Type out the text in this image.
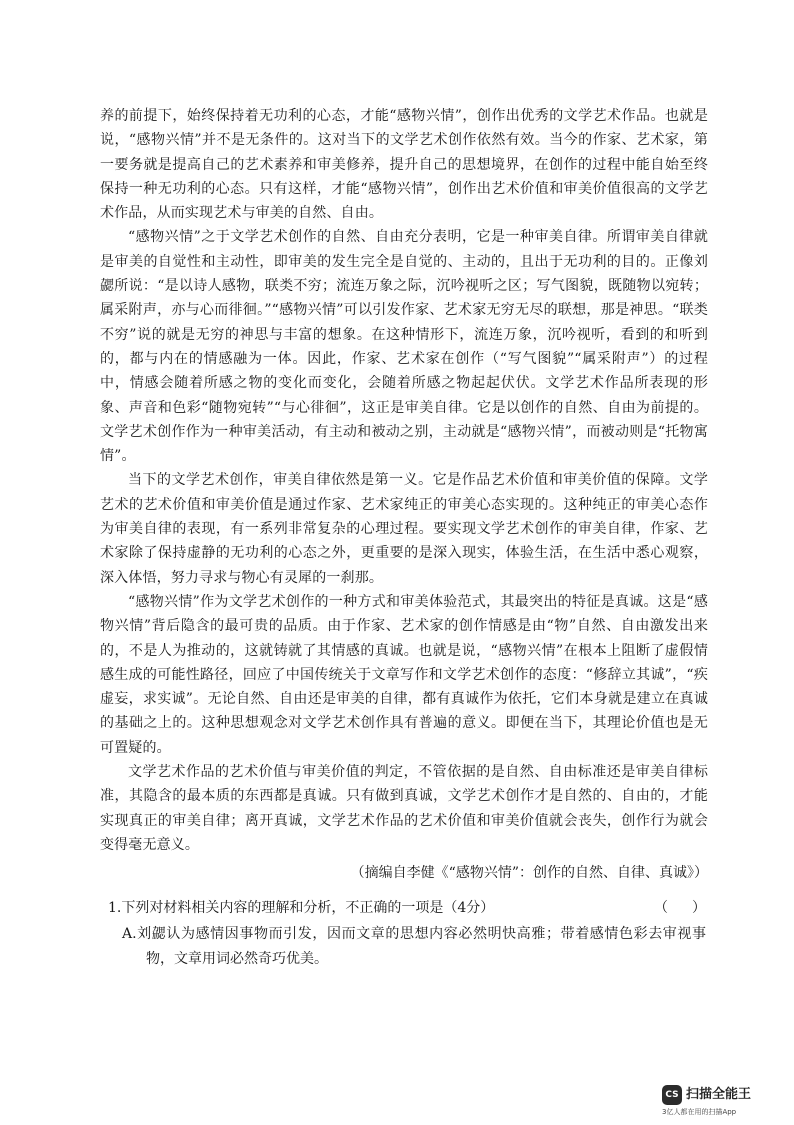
养的前提下，始终保持着无功利的心态，才能“感物兴情”，创作出优秀的文学艺术作品。也就是说，“感物兴情”并不是无条件的。这对当下的文学艺术创作依然有效。当今的作家、艺术家，第一要务就是提高自己的艺术素养和审美修养，提升自己的思想境界，在创作的过程中能自始至终保持一种无功利的心态。只有这样，才能“感物兴情”，创作出艺术价值和审美价值很高的文学艺术作品，从而实现艺术与审美的自然、自由。

“感物兴情”之于文学艺术创作的自然、自由充分表明，它是一种审美自律。所谓审美自律就是审美的自觉性和主动性，即审美的发生完全是自觉的、主动的，且出于无功利的目的。正像刘勰所说：“是以诗人感物，联类不穷；流连万象之际，沉吟视听之区；写气图貌，既随物以宛转；属采附声，亦与心而徘徊。”“感物兴情”可以引发作家、艺术家无穷无尽的联想，那是神思。“联类不穷”说的就是无穷的神思与丰富的想象。在这种情形下，流连万象，沉吟视听，看到的和听到的，都与内在的情感融为一体。因此，作家、艺术家在创作（“写气图貌”“属采附声”）的过程中，情感会随着所感之物的变化而变化，会随着所感之物起起伏伏。文学艺术作品所表现的形象、声音和色彩“随物宛转”“与心徘徊”，这正是审美自律。它是以创作的自然、自由为前提的。文学艺术创作作为一种审美活动，有主动和被动之别，主动就是“感物兴情”，而被动则是“托物寓情”。

当下的文学艺术创作，审美自律依然是第一义。它是作品艺术价值和审美价值的保障。文学艺术的艺术价值和审美价值是通过作家、艺术家纯正的审美心态实现的。这种纯正的审美心态作为审美自律的表现，有一系列非常复杂的心理过程。要实现文学艺术创作的审美自律，作家、艺术家除了保持虚静的无功利的心态之外，更重要的是深入现实，体验生活，在生活中悉心观察，深入体悟，努力寻求与物心有灵犀的一刹那。

“感物兴情”作为文学艺术创作的一种方式和审美体验范式，其最突出的特征是真诚。这是“感物兴情”背后隐含的最可贵的品质。由于作家、艺术家的创作情感是由“物”自然、自由激发出来的，不是人为推动的，这就铸就了其情感的真诚。也就是说，“感物兴情”在根本上阻断了虚假情感生成的可能性路径，回应了中国传统关于文章写作和文学艺术创作的态度：“修辞立其诚”，“疾虚妄，求实诚”。无论自然、自由还是审美的自律，都有真诚作为依托，它们本身就是建立在真诚的基础之上的。这种思想观念对文学艺术创作具有普遍的意义。即便在当下，其理论价值也是无可置疑的。

文学艺术作品的艺术价值与审美价值的判定，不管依据的是自然、自由标准还是审美自律标准，其隐含的最本质的东西都是真诚。只有做到真诚，文学艺术创作才是自然的、自由的，才能实现真正的审美自律；离开真诚，文学艺术作品的艺术价值和审美价值就会丧失，创作行为就会变得毫无意义。

（摘编自李健《“感物兴情”：创作的自然、自律、真诚》）

1.下列对材料相关内容的理解和分析，不正确的一项是（4分）	（ ）
A.刘勰认为感情因事物而引发，因而文章的思想内容必然明快高雅；带着感情色彩去审视事物，文章用词必然奇巧优美。
CS 扫描全能王
3亿人都在用的扫描App
